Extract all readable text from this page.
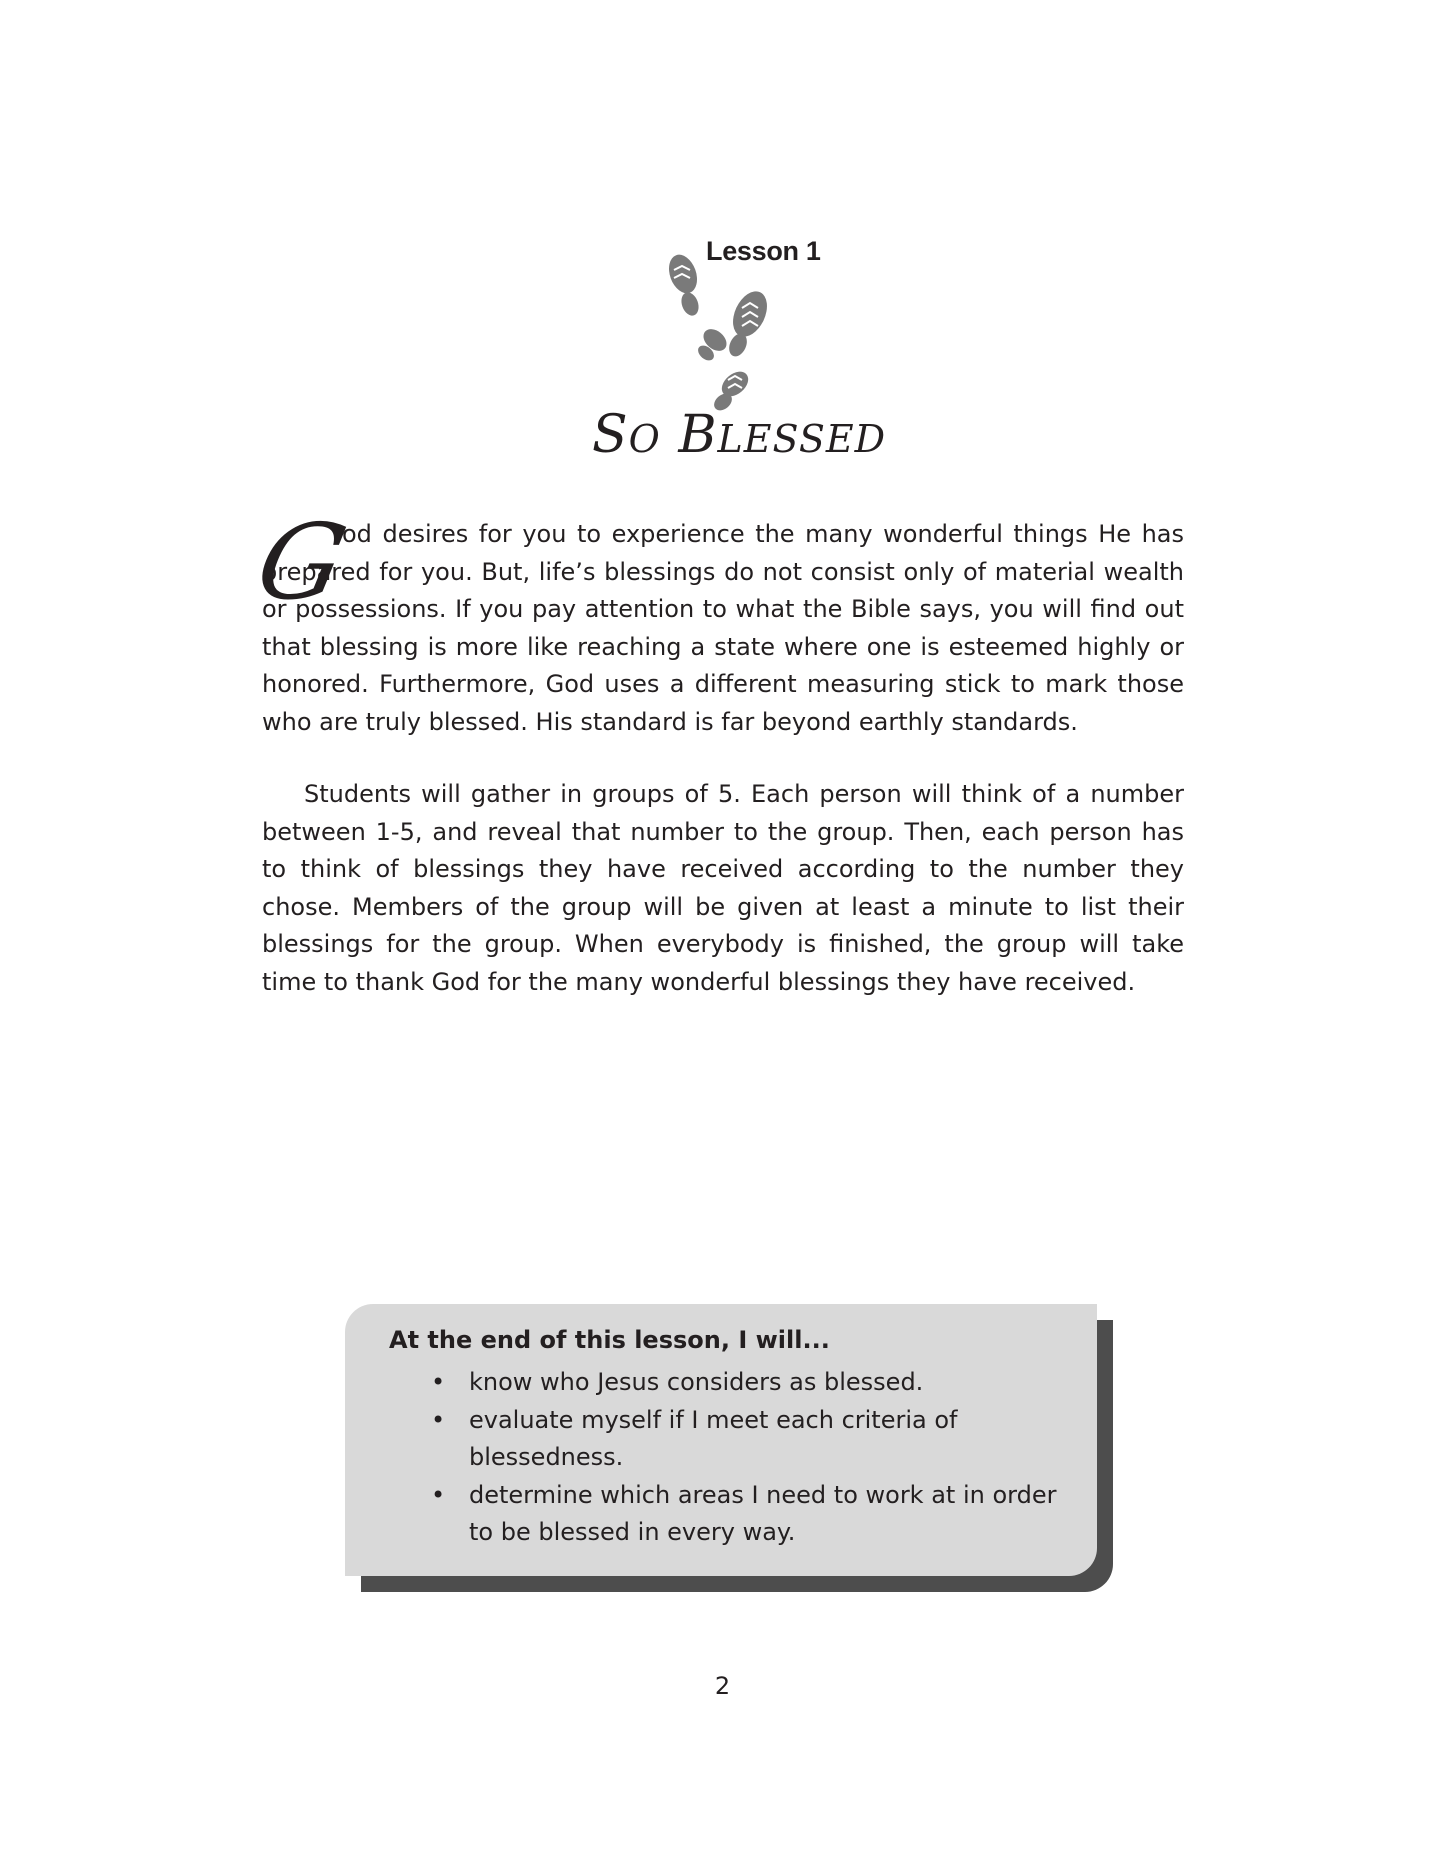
Lesson 1
SO BLESSED
G

od desires for you to experience the many wonderful things He has prepared for you. But, life’s blessings do not consist only of material wealth or possessions. If you pay attention to what the Bible says, you will find out that blessing is more like reaching a state where one is esteemed highly or honored. Furthermore, God uses a different measuring stick to mark those who are truly blessed. His standard is far beyond earthly standards.

Students will gather in groups of 5. Each person will think of a number between 1-5, and reveal that number to the group. Then, each person has to think of blessings they have received according to the number they chose. Members of the group will be given at least a minute to list their blessings for the group. When everybody is finished, the group will take time to thank God for the many wonderful blessings they have received.

At the end of this lesson, I will...

• know who Jesus considers as blessed.
• evaluate myself if I meet each criteria of blessedness.
• determine which areas I need to work at in order to be blessed in every way.
2
